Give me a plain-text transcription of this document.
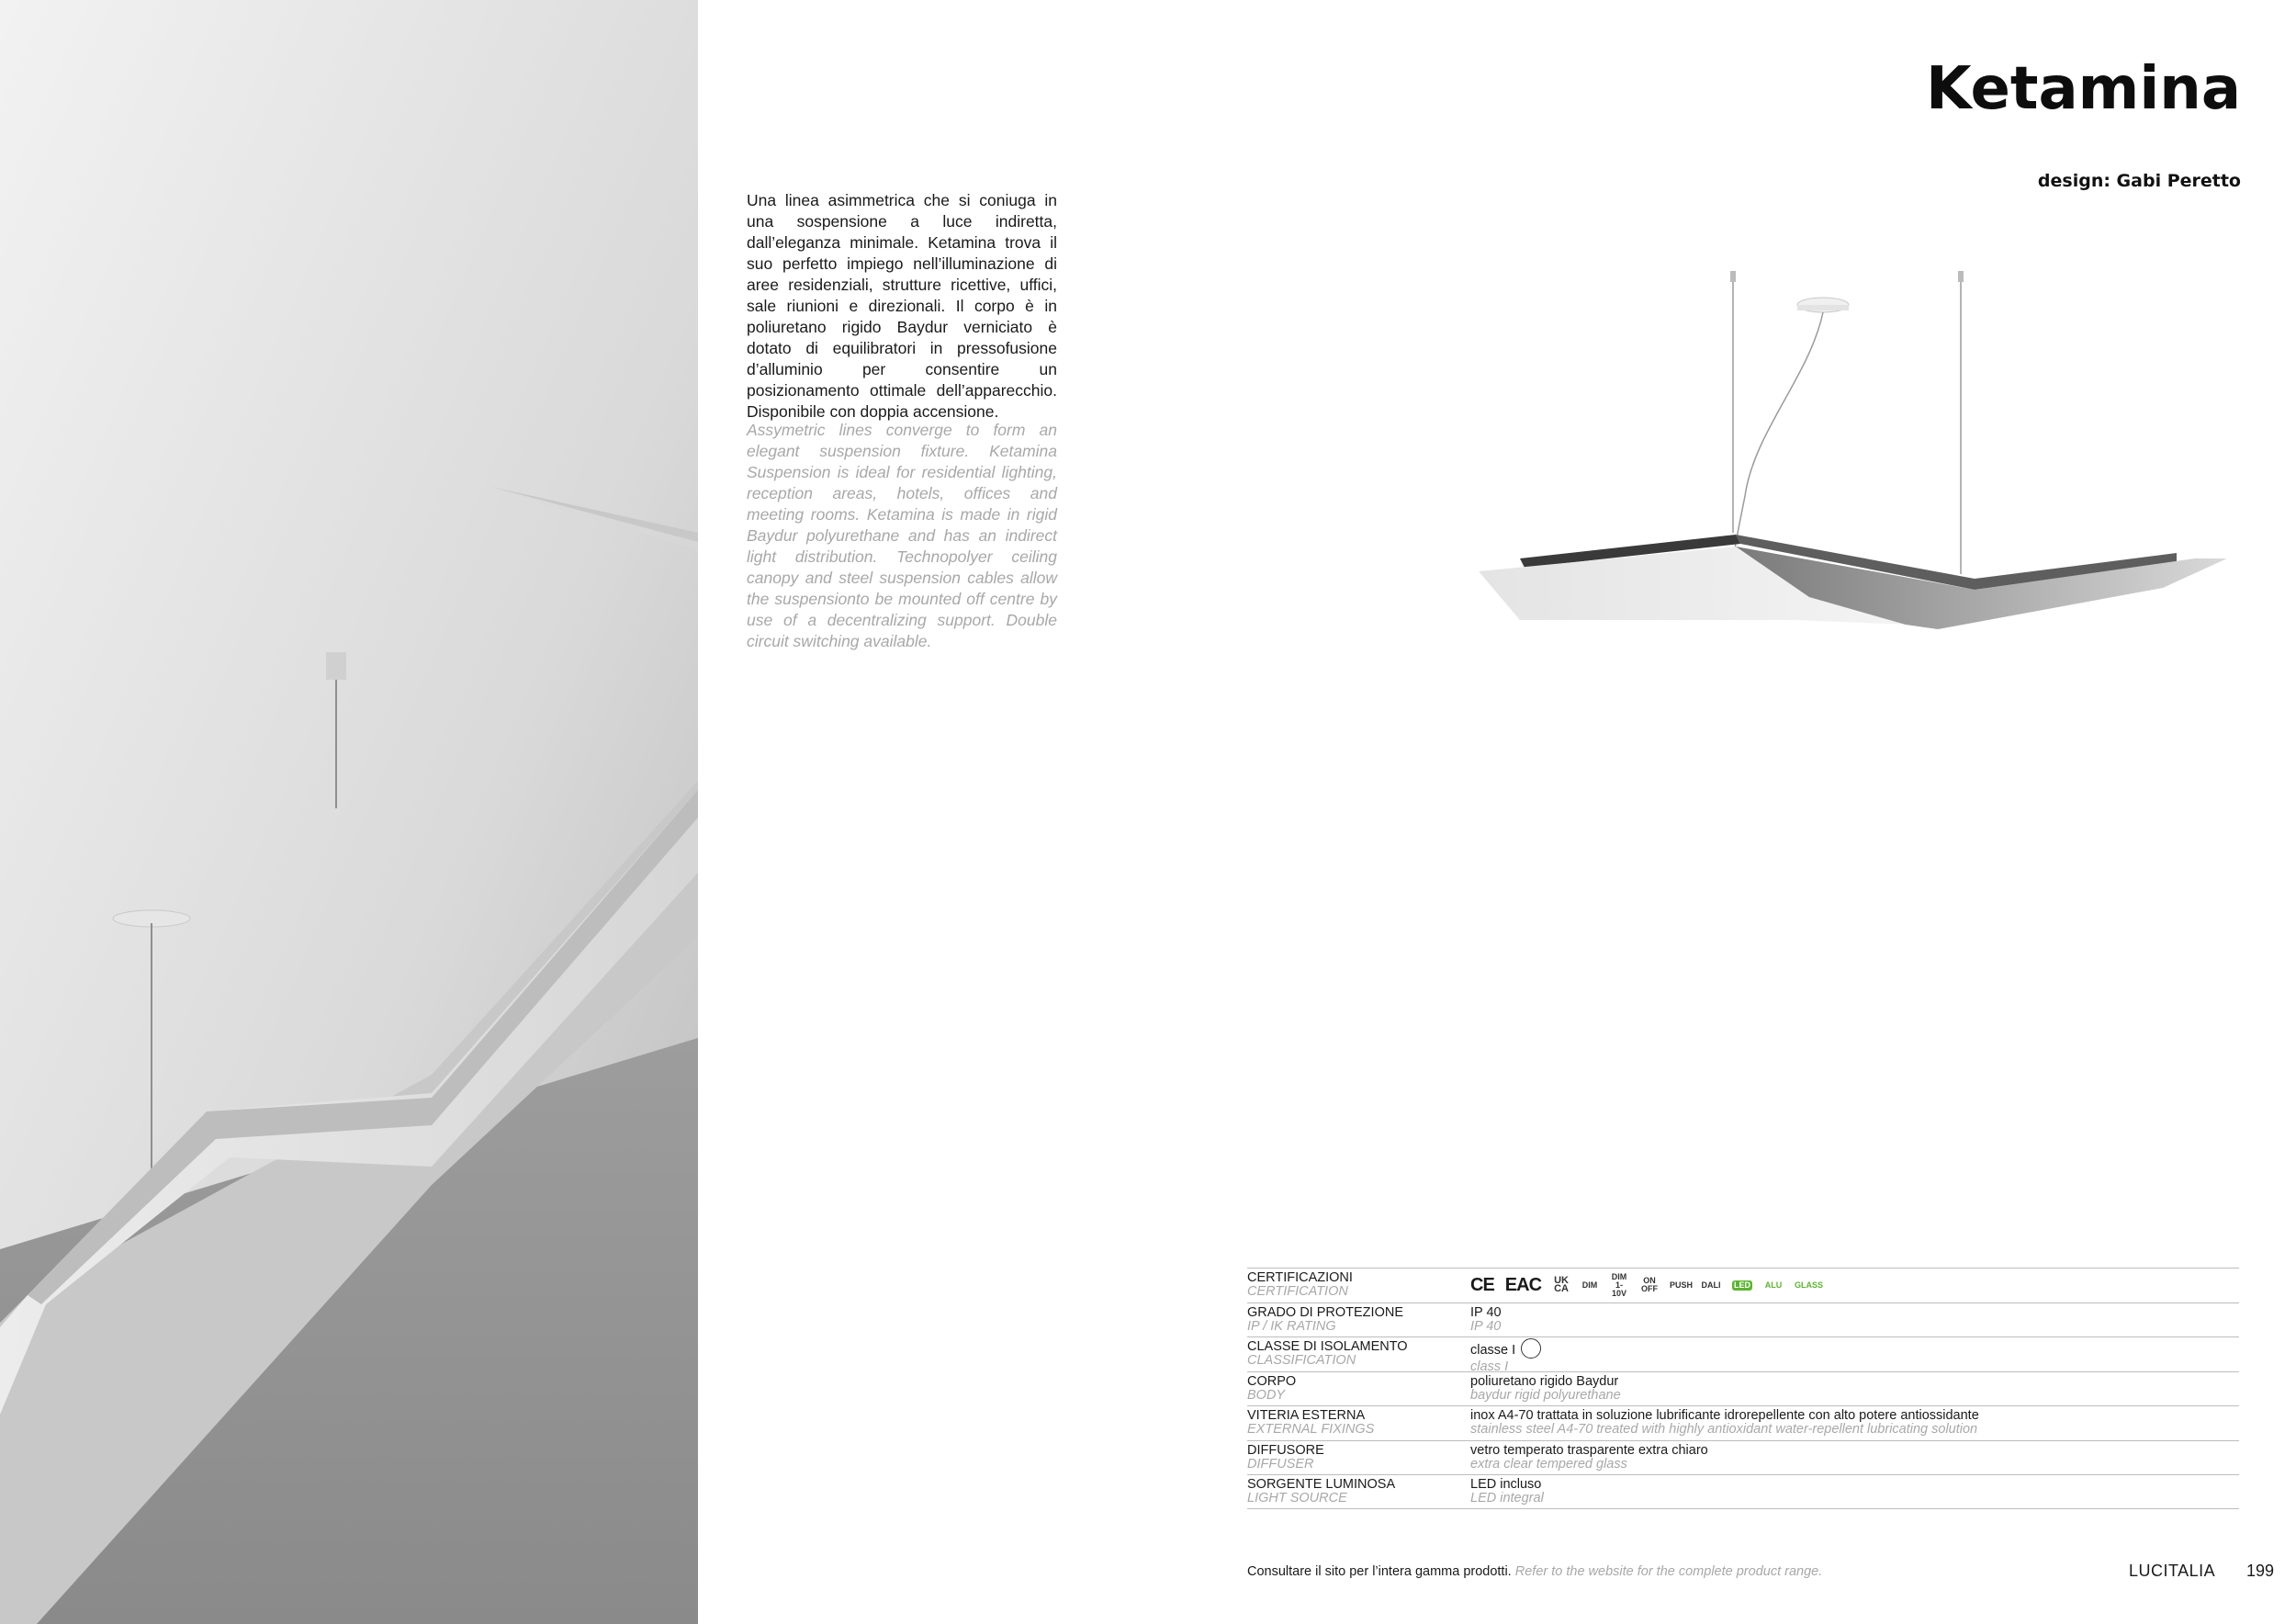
Ketamina
design: Gabi Peretto

Una linea asimmetrica che si coniuga in una sospensione a luce indiretta, dall’eleganza minimale. Ketamina trova il suo perfetto impiego nell’illuminazione di aree residenziali, strutture ricettive, uffici, sale riunioni e direzionali. Il corpo è in poliuretano rigido Baydur verniciato è dotato di equilibratori in pressofusione d’alluminio per consentire un posizionamento ottimale dell’apparecchio. Disponibile con doppia accensione.

Assymetric lines converge to form an elegant suspension fixture. Ketamina Suspension is ideal for residential lighting, reception areas, hotels, offices and meeting rooms. Ketamina is made in rigid Baydur polyurethane and has an indirect light distribution. Technopolyer ceiling canopy and steel suspension cables allow the suspensionto be mounted off centre by use of a decentralizing support. Double circuit switching available.

CERTIFICAZIONI
CERTIFICATION	CE EAC UK CA DIM
DIM 1-10V
ON OFF PUSH DALI LED ALU GLASS
GRADO DI PROTEZIONE
IP / IK RATING
IP 40
IP 40
CLASSE DI ISOLAMENTO
CLASSIFICATION
classe I
class I
CORPO
BODY
poliuretano rigido Baydur
baydur rigid polyurethane
VITERIA ESTERNA
EXTERNAL FIXINGS
inox A4-70 trattata in soluzione lubrificante idrorepellente con alto potere antiossidante
stainless steel A4-70 treated with highly antioxidant water-repellent lubricating solution
DIFFUSORE
DIFFUSER
vetro temperato trasparente extra chiaro
extra clear tempered glass
SORGENTE LUMINOSA
LIGHT SOURCE
LED incluso
LED integral
Consultare il sito per l’intera gamma prodotti. Refer to the website for the complete product range.	LUCITALIA 199
